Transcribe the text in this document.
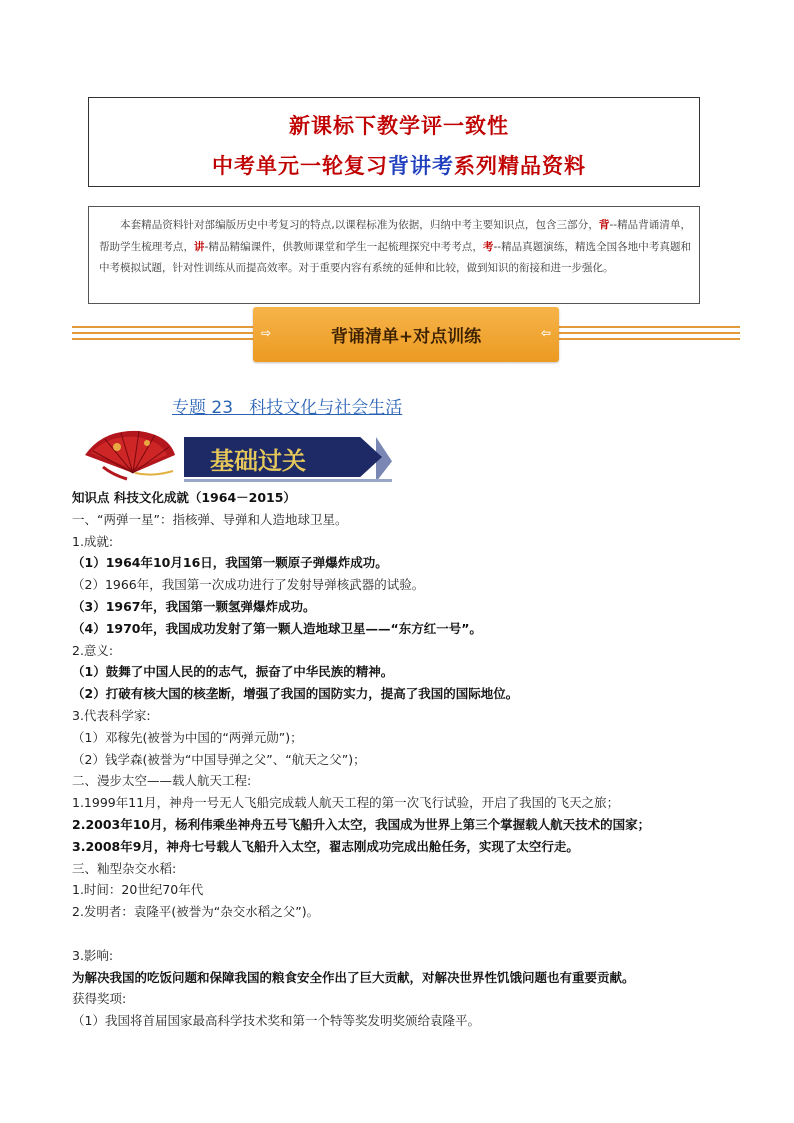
新课标下教学评一致性
中考单元一轮复习背讲考系列精品资料
本套精品资料针对部编版历史中考复习的特点,以课程标准为依据，归纳中考主要知识点，包含三部分，背--精品背诵清单，帮助学生梳理考点，讲-精品精编课件，供教师课堂和学生一起梳理探究中考考点，考--精品真题演练，精选全国各地中考真题和中考模拟试题，针对性训练从而提高效率。对于重要内容有系统的延伸和比较，做到知识的衔接和进一步强化。
⇨	⇦
背诵清单+对点训练
专题 23   科技文化与社会生活
基础过关
知识点 科技文化成就（1964－2015）
一、“两弹一星”：指核弹、导弹和人造地球卫星。
1.成就:
（1）1964年10月16日，我国第一颗原子弹爆炸成功。
（2）1966年，我国第一次成功进行了发射导弹核武器的试验。
（3）1967年，我国第一颗氢弹爆炸成功。
（4）1970年，我国成功发射了第一颗人造地球卫星——“东方红一号”。
2.意义:
（1）鼓舞了中国人民的的志气，振奋了中华民族的精神。
（2）打破有核大国的核垄断，增强了我国的国防实力，提高了我国的国际地位。
3.代表科学家:
（1）邓稼先(被誉为中国的“两弹元勋”)；
（2）钱学森(被誉为“中国导弹之父”、“航天之父”)；
二、漫步太空——载人航天工程:
1.1999年11月，神舟一号无人飞船完成载人航天工程的第一次飞行试验，开启了我国的飞天之旅；
2.2003年10月，杨利伟乘坐神舟五号飞船升入太空，我国成为世界上第三个掌握载人航天技术的国家；
3.2008年9月，神舟七号载人飞船升入太空，翟志刚成功完成出舱任务，实现了太空行走。
三、籼型杂交水稻:
1.时间：20世纪70年代
2.发明者：袁隆平(被誉为“杂交水稻之父”)。
3.影响:
为解决我国的吃饭问题和保障我国的粮食安全作出了巨大贡献，对解决世界性饥饿问题也有重要贡献。
获得奖项:
（1）我国将首届国家最高科学技术奖和第一个特等奖发明奖颁给袁隆平。
